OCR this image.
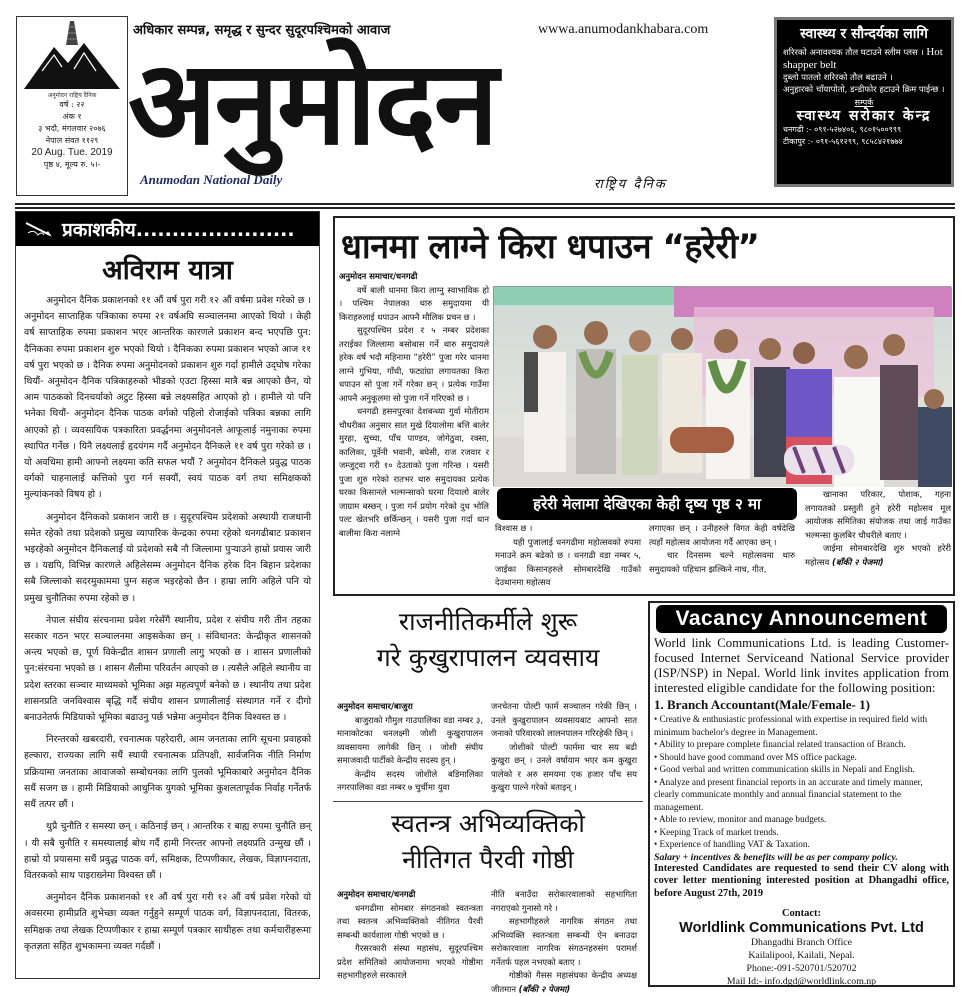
अनुमोदन राष्ट्रिय दैनिक
वर्ष : २२
अंक १
३ भदौ, मंगलवार २०७६
नेपाल संवत ११२९
20 Aug. Tue. 2019
पृष्ठ ४, मूल्य रु. ५।-
अधिकार सम्पन्न, समृद्ध र सुन्दर सुदूरपश्चिमको आवाज	wwwa.anumodankhabara.com
अनुमोदन
Anumodan National Daily	राष्ट्रिय दैनिक
स्वास्थ्य र सौन्दर्यका लागि
शरिरको अनावश्यक तौल घटाउने स्लीम प्लस । Hot shapper belt
दुब्लो पातलो शरिरको तौल बढाउने ।
अनुहारको चाँयापोतो, डन्डीफोर हटाउने क्रिम पाईन्छ ।
सम्पर्क
स्वास्थ्य सरोकार केन्द्र
धनगढी :- ०९१-५२७४०६, ९८०१५००९९९
टीकापुर :- ०९१-५६१२९९, ९८५८४२१७७४
प्रकाशकीय......................
अविराम यात्रा

अनुमोदन दैनिक प्रकाशनको ११ औं वर्ष पुरा गरी १२ औं वर्षमा प्रवेश गरेको छ । अनुमोदन साप्ताहिक पत्रिकाका रुपमा २१ वर्षअघि सञ्चालनमा आएको थियो । केही वर्ष साप्ताहिक रुपमा प्रकाशन भएर आन्तरिक कारणले प्रकाशन बन्द भएपछि पुन: दैनिकका रुपमा प्रकाशन शुरु भएको थियो । दैनिकका रुपमा प्रकाशन भएको आज ११ वर्ष पुरा भएको छ । दैनिक रुपमा अनुमोदनको प्रकाशन शुरु गर्दा हामीले उद्‌घोष गरेका थियौं- अनुमोदन दैनिक पत्रिकाहरुको भीडको एउटा हिस्सा मात्रै बन्न आएको छैन, यो आम पाठकको दिनचर्याको अटुट हिस्सा बन्ने लक्ष्यसहित आएको हो । हामीले यो पनि भनेका थियौं- अनुमोदन दैनिक पाठक वर्गको पहिलो रोजाईको पत्रिका बन्नका लागि आएको हो । व्यवसायिक पत्रकारिता प्रवर्द्धनमा अनुमोदनले आफूलाई नमुनाका रुपमा स्थापित गर्नेछ । यिनै लक्ष्यलाई हृदयंगम गर्दै अनुमोदन दैनिकले ११ वर्ष पुरा गरेको छ । यो अवधिमा हामी आफ्नो लक्ष्यमा कति सफल भयौं ? अनुमोदन दैनिकले प्रवुद्ध पाठक वर्गको चाहनालाई कत्तिको पुरा गर्न सक्यौं, स्वयं पाठक वर्ग तथा समिक्षकको मुल्यांकनको विषय हो ।

अनुमोदन दैनिकको प्रकाशन जारी छ । सुदूरपश्चिम प्रदेशको अस्थायी राजधानी समेत रहेको तथा प्रदेशको प्रमुख व्यापारिक केन्द्रका रुपमा रहेको धनगढीबाट प्रकाशन भइरहेको अनुमोदन दैनिकलाई यो प्रदेशको सबै नौ जिल्लामा पुऱ्याउने हाम्रो प्रयास जारी छ । यद्यपि, विभिन्न कारणले अहिलेसम्म अनुमोदन दैनिक हरेक दिन बिहान प्रदेशका सबै जिल्लाको सदरमुकाममा पुग्न सहज भइरहेको छैन । हाम्रा लागि अहिले पनि यो प्रमुख चुनौतिका रुपमा रहेको छ ।

नेपाल संघीय संरचनामा प्रवेश गरेसँगै स्थानीय, प्रदेश र संघीय गरी तीन तहका सरकार गठन भएर सञ्चालनमा आइसकेका छन् । संविधानत: केन्द्रीकृत शासनको अन्त्य भएको छ, पूर्ण विकेन्द्रीत शासन प्रणाली लागु भएको छ । शासन प्रणालीको पुन:संरचना भएको छ । शासन शैलीमा परिवर्तन आएको छ । त्यसैले अहिले स्थानीय वा प्रदेश स्तरका सञ्चार माध्यमको भूमिका अझ महत्वपूर्ण बनेको छ । स्थानीय तथा प्रदेश शासनप्रति जनविश्वास बृद्धि गर्दै संघीय शासन प्रणालीलाई संस्थागत गर्ने र दीगो बनाउनेतर्फ मिडियाको भूमिका बढाउनु पर्छ भन्नेमा अनुमोदन दैनिक विश्वस्त छ ।

निरन्तरको खबरदारी, रचनात्मक पहरेदारी, आम जनताका लागि सूचना प्रवाहको हल्कारा, राज्यका लागि सधैं स्थायी रचनात्मक प्रतिपक्षी, सार्वजनिक नीति निर्माण प्रक्रियामा जनताका आवाजको सम्बोधनका लागि पुलको भूमिकाबारे अनुमोदन दैनिक सधैं सजग छ । हामी मिडियाको आधुनिक युगको भूमिका कुशलतापूर्वक निर्वाह गर्नेतर्फ सधैं तत्पर छौं ।

थुप्रै चुनौति र समस्या छन् । कठिनाई छन् । आन्तरिक र बाह्य रुपमा चुनौति छन् । यी सबै चुनौति र समस्यालाई बोध गर्दै हामी निरन्तर आफ्नो लक्ष्यप्रति उन्मुख छौं । हाम्रो यो प्रयासमा सधैं प्रवुद्ध पाठक वर्ग, समिक्षक, टिप्पणीकार, लेखक, विज्ञापनदाता, वितरकको साथ पाइराख्नेमा विश्वस्त छौं ।

अनुमोदन दैनिक प्रकाशनको ११ औं वर्ष पुरा गरी १२ औं वर्ष प्रवेश गरेको यो अवसरमा हामीप्रति शुभेच्छा व्यक्त गर्नुहुने सम्पूर्ण पाठक वर्ग, विज्ञापनदाता, वितरक, समिक्षक तथा लेखक टिप्पणीकार र हाम्रा सम्पूर्ण पत्रकार साथीहरू तथा कर्मचारीहरूमा कृतज्ञता सहित शुभकामना व्यक्त गर्दछौं ।

धानमा लाग्ने किरा धपाउन “हरेरी”
अनुमोदन समाचार/धनगढी

वर्षे बाली धानमा किरा लाग्नु स्वाभाविक हो । पश्चिम नेपालका थारु समुदायमा यी किराहरुलाई धपाउन आफ्नै मौलिक प्रचन छ ।

सुदूरपश्चिम प्रदेश र ५ नम्बर प्रदेशका तराईका जिल्लामा बसोबास गर्ने थारु समुदायले हरेक वर्ष भदौ महिनामा “हरेरी” पुजा गरेर धानमा लाग्ने गुभिया, गाँधी, फट्यांग्रा लगायतका किरा धपाउन सो पुजा गर्ने गरेका छन् । प्रत्येक गाउँमा आफ्नै अनुकूलमा सो पुजा गर्ने गरिएको छ ।

धनगढी हसनपुरका देशबन्ध्या गुर्वा मोतीराम चौधरीका अनुसार सात मुखे दियालोमा बत्ति बालेर मुरहा, सुच्चा, पाँच पाण्डव, जोगेठुवा, रक्सा, कालिका, पूर्वेनी भवानी, बघेसी, राज रजवार र जम्जुट्वा गरी १० देउताको पुजा गरिन्छ । यसरी पुजा शुरु गरेको रातभर थारु समुदायका प्रत्येक घरका किसानले भल्मन्साको घरमा दियालो बालेर जाग्राम बस्छन् । पुजा गर्न प्रयोग गरेको दुध भोलि पल्ट खेतभरि छर्किन्छन् । यसरी पुजा गर्दा धान बालीमा किरा नलाग्ने

हरेरी मेलामा देखिएका केही दृष्य पृष्ठ २ मा

खानाका परिकार, पोशाक, गहना लगायतको प्रस्तुती हुने हरेरी महोत्सव मूल आयोजक समितिका संयोजक तथा जाई गाउँका भल्मन्सा कुलबिर चौधरीले बताए ।

जाईमा सोमबारदेखि शुरु भएको हरेरी महोत्सव (बाँकी २ पेजमा)

विश्वास छ ।

यही पुजालाई धनगढीमा महोत्सवको रुपमा मनाउने क्रम बढेको छ । धनगढी वडा नम्बर ५, जाईका किसानहरुले सोमबारदेखि गाउँको देउथानमा महोत्सव

लगाएका छन् । उनीहरुले विगत केही वर्षदेखि त्यहाँ महोत्सव आयोजना गर्दै आएका छन् ।

चार दिनसम्म चल्ने महोत्सवमा थारु समुदायको पहिचान झल्किने नाच, गीत,

राजनीतिकर्मीले शुरू
गरे कुखुरापालन व्यवसाय
अनुमोदन समाचार/बाजुरा

बाजुराको गौमुल गाउपालिका वडा नम्बर ३, मानाकोटका धनलक्ष्मी जोशी कुखुरापालन व्यवसायमा लागेकी छिन् । जोशी संघीय समाजवादी पार्टीको केन्द्रीय सदस्य हुन् ।

केन्द्रीय सदस्य जोशीले बडिमालिका नगरपालिका वडा नम्बर ७ चुर्चीमा युवा

जनचेतना पोल्टी फार्म सञ्चालन गरेकी छिन् । उनले कुखुरापालन व्यवसायबाट आफ्नो सात जनाको परिवारको लालनपालन गरिरहेकी छिन् ।

जोशीको पोल्टी फार्ममा चार सय बढी कुखुरा छन् । उनले वर्षायाम भएर कम कुखुरा पालेको र अरु समयमा एक हजार पाँच सय कुखुरा पाल्ने गरेको बताइन् ।

स्वतन्त्र अभिव्यक्तिको
नीतिगत पैरवी गोष्ठी
अनुमोदन समाचार/धनगढी

धनगढीमा सोमबार संगठनको स्वतन्त्रता तथा स्वतन्त्र अभिव्यक्तिको नीतिगत पैरवी सम्बन्धी कार्यशाला गोष्ठी भएको छ ।

गैरसरकारी संस्था महासंघ, सुदूरपश्चिम प्रदेश समितिको आयोजनामा भएको गोष्ठीमा सहभागीहरुले सरकारले

नीति बनाउँदा सरोकारवालाको सहभागिता नगराएको गुनासो गरे ।

सहभागीहरुले नागरिक संगठन तथा अभिव्यक्ति स्वतन्त्रता सम्बन्धी ऐन बनाउदा सरोकारवाला नागरिक संगठनहरुसंग परामर्श गर्नेतर्फ पहल नभएको बताए ।

गोष्ठीको गैसस महासंघका केन्द्रीय अध्यक्ष जीतमान (बाँकी २ पेजमा)

Vacancy Announcement
World link Communications Ltd. is leading Customer-focused Internet Serviceand National Service provider (ISP/NSP) in Nepal. World link invites application from interested eligible candidate for the following position:
1. Branch Accountant(Male/Female- 1)
• Creative & enthusiastic professional with expertise in required field with minimum bachelor's degree in Management.
• Ability to prepare complete financial related transaction of Branch.
• Should have good command over MS office package.
• Good verbal and written communication skills in Nepali and English.
• Analyze and present financial reports in an accurate and timely manner, clearly communicate monthly and annual financial statement to the management.
• Able to review, monitor and manage budgets.
• Keeping Track of market trends.
• Experience of handling VAT & Taxation.
Salary + incentives & benefits will be as per company policy.
Interested Candidates are requested to send their CV along with cover letter mentioning interested position at Dhangadhi office, before August 27th, 2019
Contact:
Worldlink Communications Pvt. Ltd
Dhangadhi Branch Office
Kailalipool, Kailali, Nepal.
Phone:-091-520701/520702
Mail Id:- info.dgd@worldlink.com.np
